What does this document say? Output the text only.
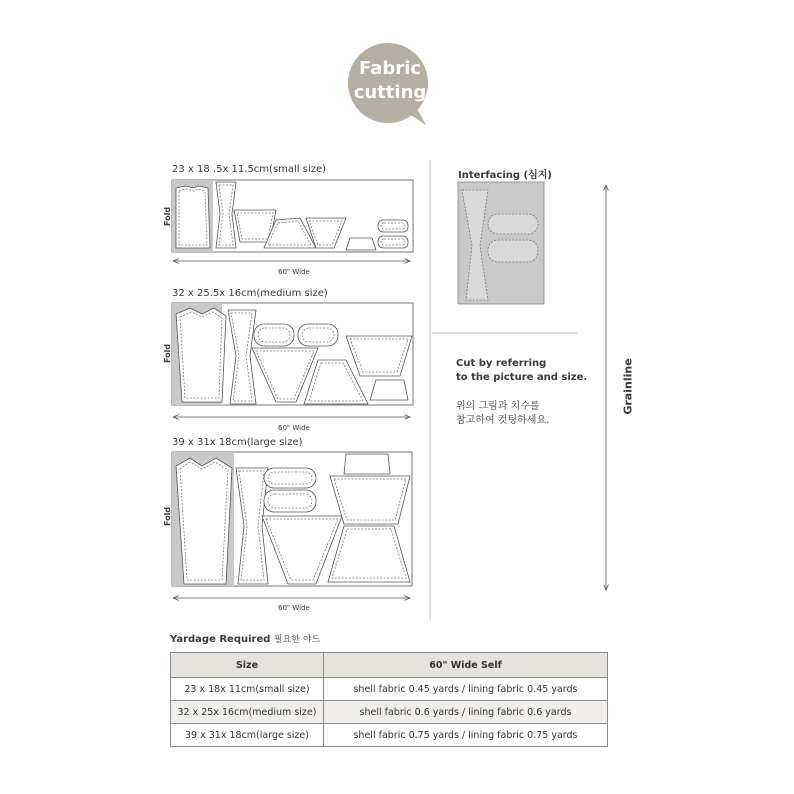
Fabric
cutting
23 x 18 .5x 11.5cm(small size)
60" Wide
Fold
32 x 25.5x 16cm(medium size)
60" Wide
Fold
39 x 31x 18cm(large size)
60" Wide
Fold
Interfacing (심지)
Cut by referring
to the picture and size.
위의 그림과 치수를
참고하여 컷팅하세요.
Grainline
Yardage Required 필요한 야드
Size	60" Wide Self
23 x 18x 11cm(small size)	shell fabric 0.45 yards / lining fabric 0.45 yards
32 x 25x 16cm(medium size)	shell fabric 0.6 yards / lining fabric 0.6 yards
39 x 31x 18cm(large size)	shell fabric 0.75 yards / lining fabric 0.75 yards
